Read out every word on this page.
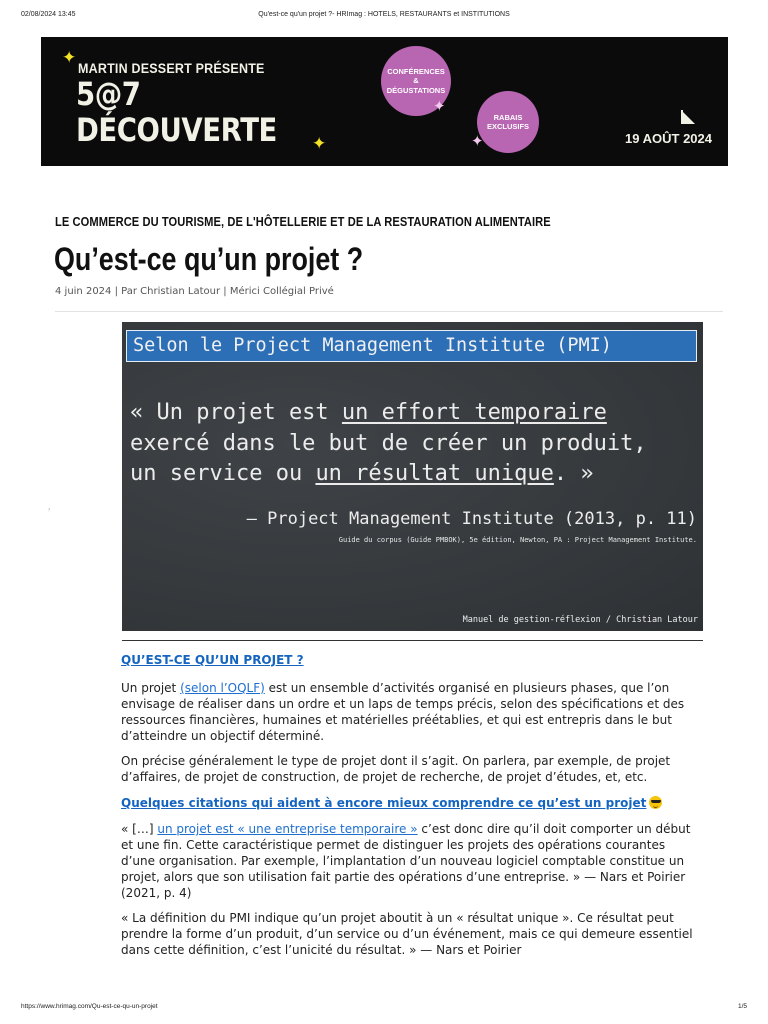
02/08/2024 13:45	Qu'est-ce qu'un projet ?- HRImag : HOTELS, RESTAURANTS et INSTITUTIONS
✦
MARTIN DESSERT PRÉSENTE
5@7
DÉCOUVERTE ✦
CONFÉRENCES
&
DÉGUSTATIONS
✦
RABAIS
EXCLUSIFS
✦	19 AOÛT 2024
LE COMMERCE DU TOURISME, DE L'HÔTELLERIE ET DE LA RESTAURATION ALIMENTAIRE
Qu’est-ce qu’un projet ?
4 juin 2024 | Par Christian Latour | Mérici Collégial Privé
›
Selon le Project Management Institute (PMI)
« Un projet est un effort temporaire
exercé dans le but de créer un produit,
un service ou un résultat unique. »
— Project Management Institute (2013, p. 11)
Guide du corpus (Guide PMBOK), 5e édition, Newton, PA : Project Management Institute.
Manuel de gestion-réflexion / Christian Latour

QU’EST-CE QU’UN PROJET ?

Un projet (selon l’OQLF) est un ensemble d’activités organisé en plusieurs phases, que l’on envisage de réaliser dans un ordre et un laps de temps précis, selon des spécifications et des ressources financières, humaines et matérielles préétablies, et qui est entrepris dans le but d’atteindre un objectif déterminé.

On précise généralement le type de projet dont il s’agit. On parlera, par exemple, de projet d’affaires, de projet de construction, de projet de recherche, de projet d’études, et, etc.

Quelques citations qui aident à encore mieux comprendre ce qu’est un projet

« […] un projet est « une entreprise temporaire » c’est donc dire qu’il doit comporter un début et une fin. Cette caractéristique permet de distinguer les projets des opérations courantes d’une organisation. Par exemple, l’implantation d’un nouveau logiciel comptable constitue un projet, alors que son utilisation fait partie des opérations d’une entreprise. » — Nars et Poirier (2021, p. 4)

« La définition du PMI indique qu’un projet aboutit à un « résultat unique ». Ce résultat peut prendre la forme d’un produit, d’un service ou d’un événement, mais ce qui demeure essentiel dans cette définition, c’est l’unicité du résultat. » — Nars et Poirier

https://www.hrimag.com/Qu-est-ce-qu-un-projet	1/5
